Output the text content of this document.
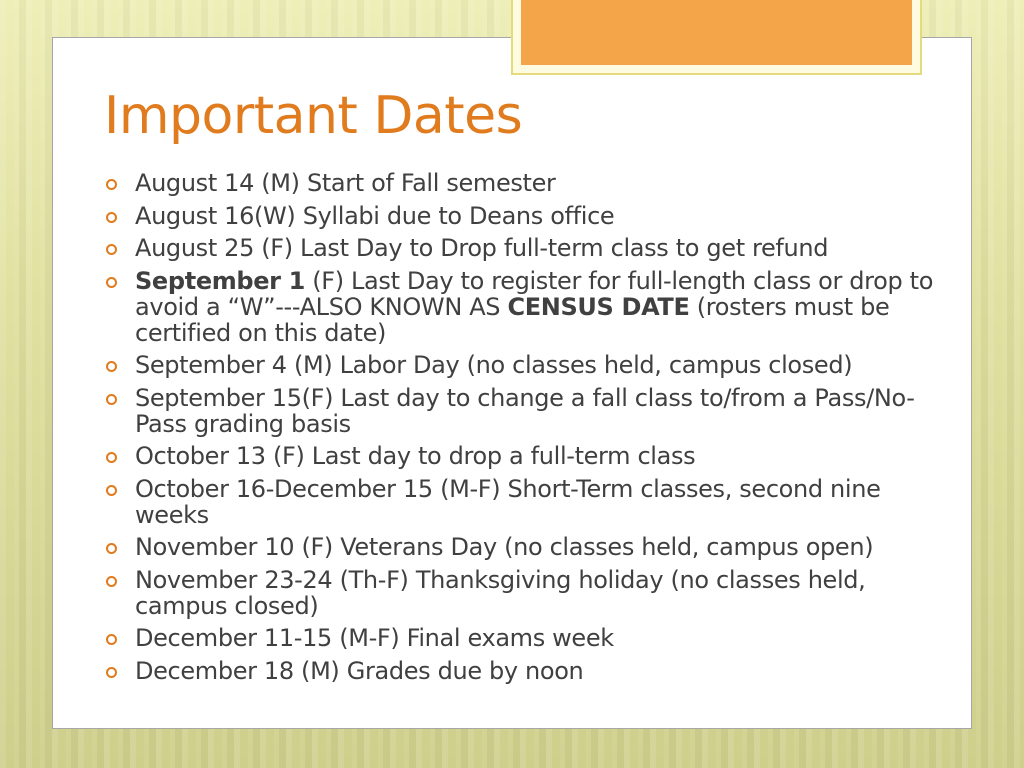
Important Dates
August 14 (M) Start of Fall semester
August 16(W) Syllabi due to Deans office
August 25 (F) Last Day to Drop full-term class to get refund
September 1 (F) Last Day to register for full-length class or drop to avoid a “W”---ALSO KNOWN AS CENSUS DATE (rosters must be certified on this date)
September 4 (M) Labor Day (no classes held, campus closed)
September 15(F) Last day to change a fall class to/from a Pass/No-Pass grading basis
October 13 (F) Last day to drop a full-term class
October 16-December 15 (M-F) Short-Term classes, second nine weeks
November 10 (F) Veterans Day (no classes held, campus open)
November 23-24 (Th-F) Thanksgiving holiday (no classes held, campus closed)
December 11-15 (M-F) Final exams week
December 18 (M) Grades due by noon
